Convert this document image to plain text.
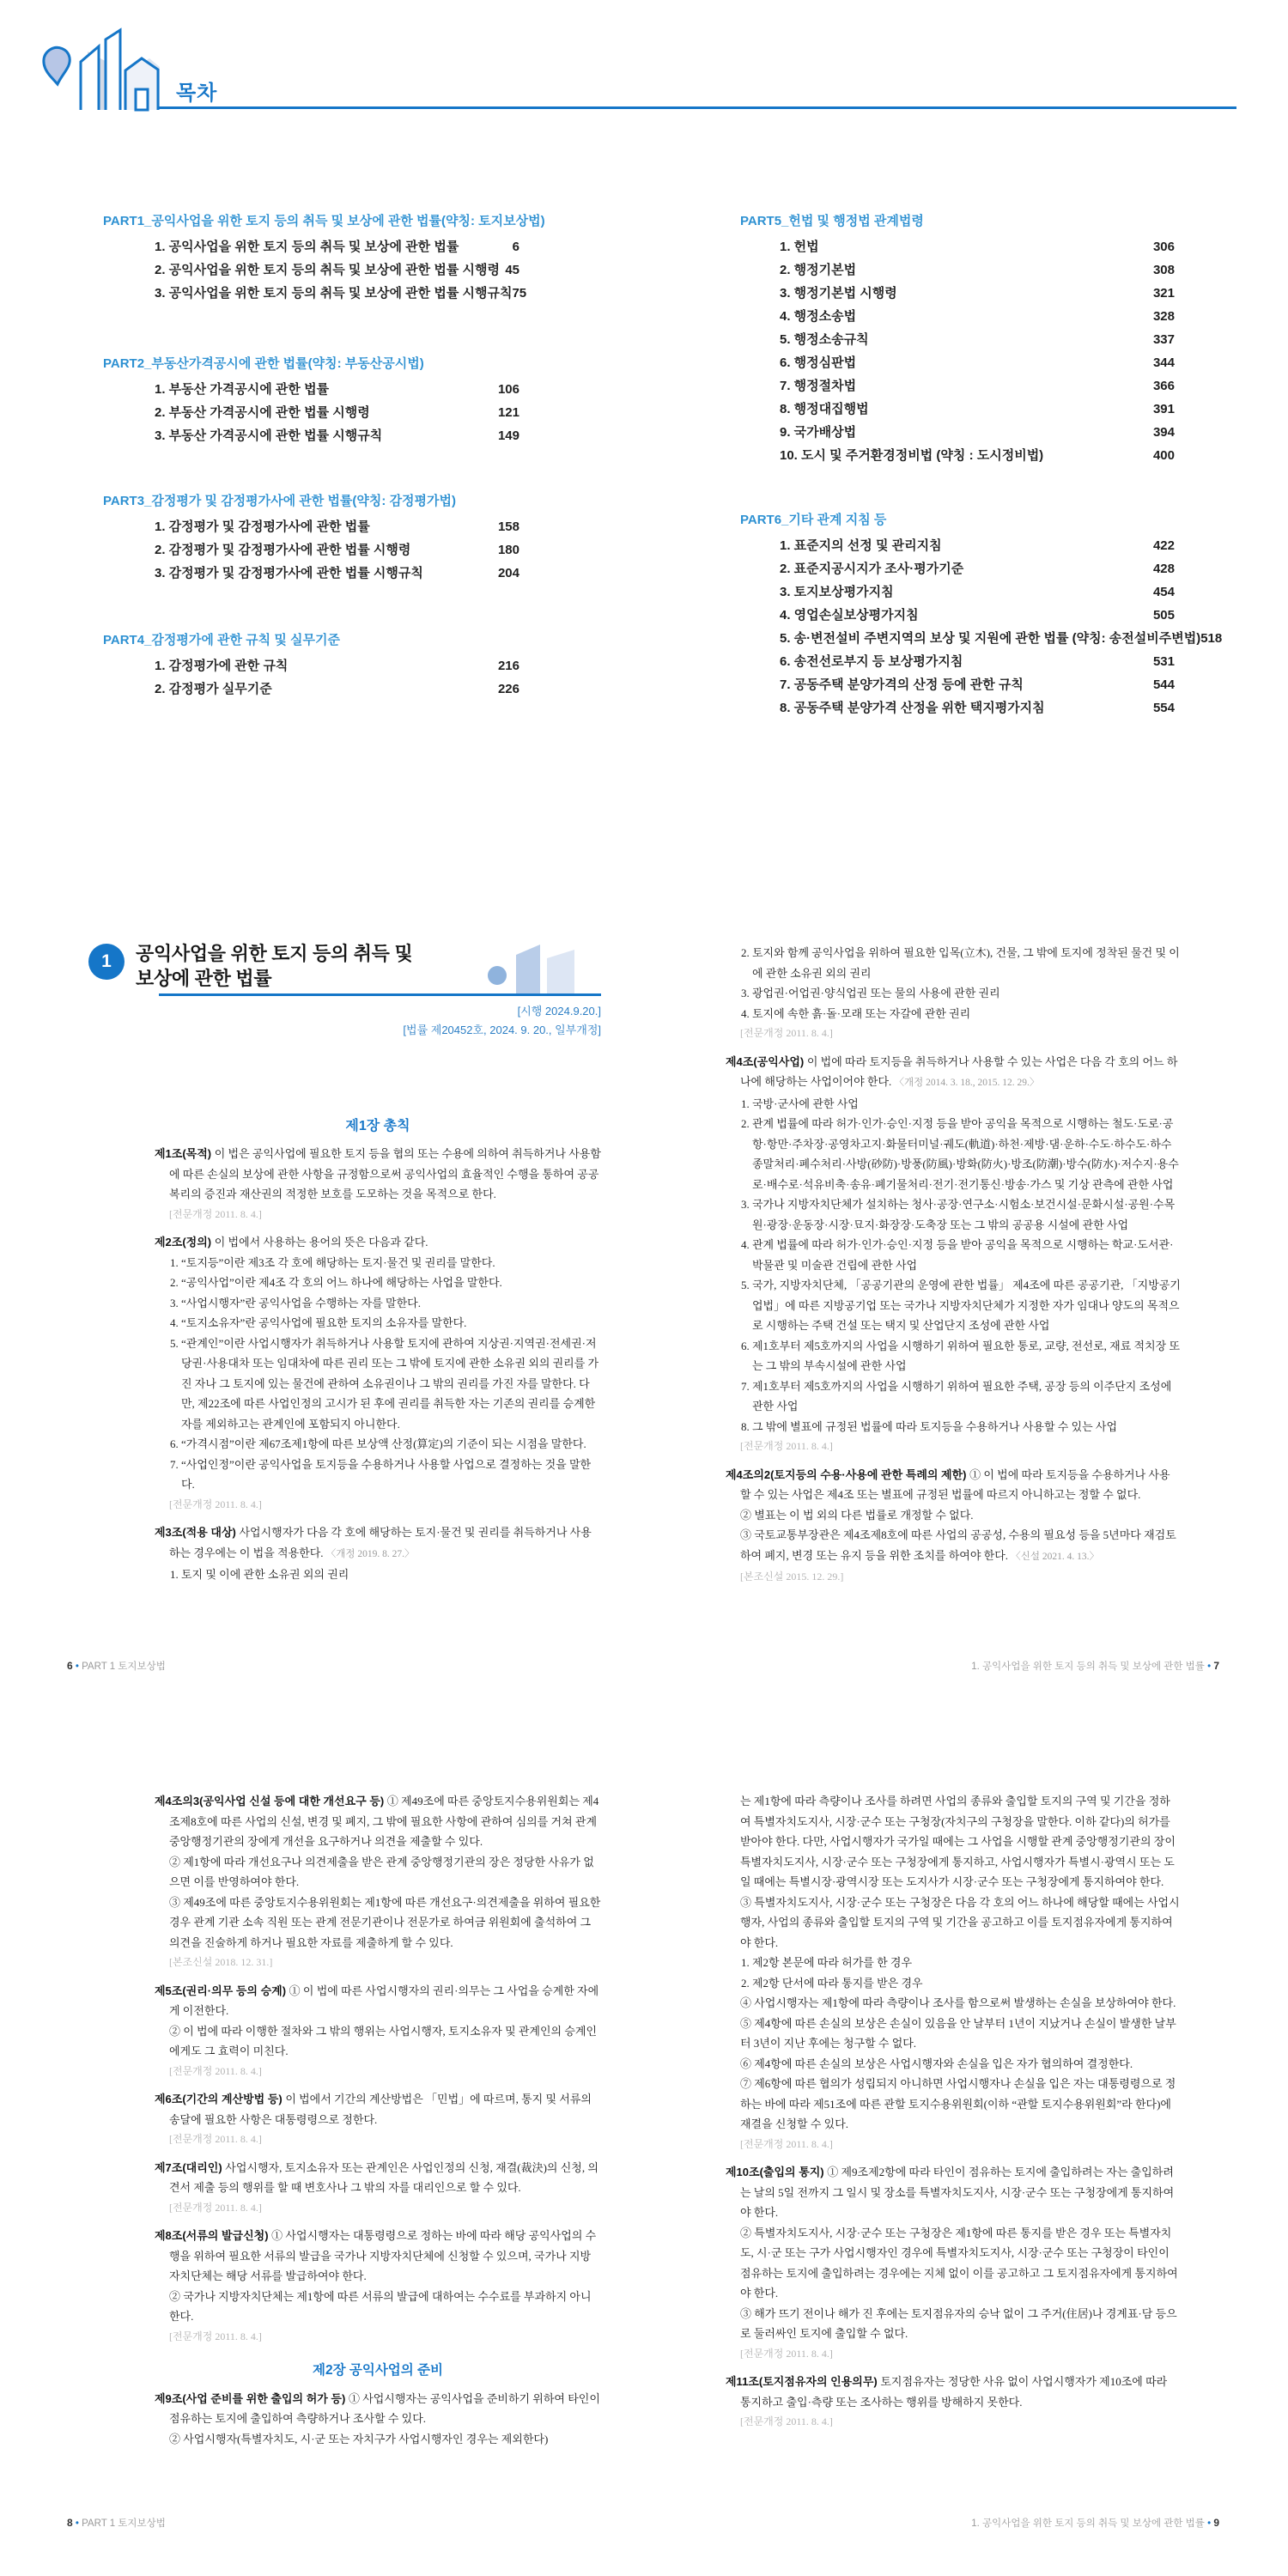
목차
PART1_공익사업을 위한 토지 등의 취득 및 보상에 관한 법률(약칭: 토지보상법)
1. 공익사업을 위한 토지 등의 취득 및 보상에 관한 법률	6
2. 공익사업을 위한 토지 등의 취득 및 보상에 관한 법률 시행령 45
3. 공익사업을 위한 토지 등의 취득 및 보상에 관한 법률 시행규칙 75
PART2_부동산가격공시에 관한 법률(약칭: 부동산공시법)
1. 부동산 가격공시에 관한 법률	106
2. 부동산 가격공시에 관한 법률 시행령	121
3. 부동산 가격공시에 관한 법률 시행규칙	149
PART3_감정평가 및 감정평가사에 관한 법률(약칭: 감정평가법)
1. 감정평가 및 감정평가사에 관한 법률	158
2. 감정평가 및 감정평가사에 관한 법률 시행령	180
3. 감정평가 및 감정평가사에 관한 법률 시행규칙	204
PART4_감정평가에 관한 규칙 및 실무기준
1. 감정평가에 관한 규칙	216
2. 감정평가 실무기준	226
PART5_헌법 및 행정법 관계법령
1. 헌법	306
2. 행정기본법	308
3. 행정기본법 시행령	321
4. 행정소송법	328
5. 행정소송규칙	337
6. 행정심판법	344
7. 행정절차법	366
8. 행정대집행법	391
9. 국가배상법	394
10. 도시 및 주거환경정비법 (약칭 : 도시정비법)	400
PART6_기타 관계 지침 등
1. 표준지의 선정 및 관리지침	422
2. 표준지공시지가 조사·평가기준	428
3. 토지보상평가지침	454
4. 영업손실보상평가지침	505
5. 송·변전설비 주변지역의 보상 및 지원에 관한 법률 (약칭: 송전설비주변법) 518
6. 송전선로부지 등 보상평가지침	531
7. 공동주택 분양가격의 산정 등에 관한 규칙	544
8. 공동주택 분양가격 산정을 위한 택지평가지침	554
1	공익사업을 위한 토지 등의 취득 및
보상에 관한 법률
[시행 2024.9.20.]
[법률 제20452호, 2024. 9. 20., 일부개정]
제1장 총칙

제1조(목적) 이 법은 공익사업에 필요한 토지 등을 협의 또는 수용에 의하여 취득하거나 사용함에 따른 손실의 보상에 관한 사항을 규정함으로써 공익사업의 효율적인 수행을 통하여 공공복리의 증진과 재산권의 적정한 보호를 도모하는 것을 목적으로 한다.

[전문개정 2011. 8. 4.]

제2조(정의) 이 법에서 사용하는 용어의 뜻은 다음과 같다.

1. “토지등”이란 제3조 각 호에 해당하는 토지·물건 및 권리를 말한다.

2. “공익사업”이란 제4조 각 호의 어느 하나에 해당하는 사업을 말한다.

3. “사업시행자”란 공익사업을 수행하는 자를 말한다.

4. “토지소유자”란 공익사업에 필요한 토지의 소유자를 말한다.

5. “관계인”이란 사업시행자가 취득하거나 사용할 토지에 관하여 지상권·지역권·전세권·저당권·사용대차 또는 임대차에 따른 권리 또는 그 밖에 토지에 관한 소유권 외의 권리를 가진 자나 그 토지에 있는 물건에 관하여 소유권이나 그 밖의 권리를 가진 자를 말한다. 다만, 제22조에 따른 사업인정의 고시가 된 후에 권리를 취득한 자는 기존의 권리를 승계한 자를 제외하고는 관계인에 포함되지 아니한다.

6. “가격시점”이란 제67조제1항에 따른 보상액 산정(算定)의 기준이 되는 시점을 말한다.

7. “사업인정”이란 공익사업을 토지등을 수용하거나 사용할 사업으로 결정하는 것을 말한다.

[전문개정 2011. 8. 4.]

제3조(적용 대상) 사업시행자가 다음 각 호에 해당하는 토지·물건 및 권리를 취득하거나 사용하는 경우에는 이 법을 적용한다. 〈개정 2019. 8. 27.〉

1. 토지 및 이에 관한 소유권 외의 권리

6 • PART 1 토지보상법

2. 토지와 함께 공익사업을 위하여 필요한 입목(立木), 건물, 그 밖에 토지에 정착된 물건 및 이에 관한 소유권 외의 권리

3. 광업권·어업권·양식업권 또는 물의 사용에 관한 권리

4. 토지에 속한 흙·돌·모래 또는 자갈에 관한 권리

[전문개정 2011. 8. 4.]

제4조(공익사업) 이 법에 따라 토지등을 취득하거나 사용할 수 있는 사업은 다음 각 호의 어느 하나에 해당하는 사업이어야 한다. 〈개정 2014. 3. 18., 2015. 12. 29.〉

1. 국방·군사에 관한 사업

2. 관계 법률에 따라 허가·인가·승인·지정 등을 받아 공익을 목적으로 시행하는 철도·도로·공항·항만·주차장·공영차고지·화물터미널·궤도(軌道)·하천·제방·댐·운하·수도·하수도·하수종말처리·폐수처리·사방(砂防)·방풍(防風)·방화(防火)·방조(防潮)·방수(防水)·저수지·용수로·배수로·석유비축·송유·폐기물처리·전기·전기통신·방송·가스 및 기상 관측에 관한 사업

3. 국가나 지방자치단체가 설치하는 청사·공장·연구소·시험소·보건시설·문화시설·공원·수목원·광장·운동장·시장·묘지·화장장·도축장 또는 그 밖의 공공용 시설에 관한 사업

4. 관계 법률에 따라 허가·인가·승인·지정 등을 받아 공익을 목적으로 시행하는 학교·도서관·박물관 및 미술관 건립에 관한 사업

5. 국가, 지방자치단체, 「공공기관의 운영에 관한 법률」 제4조에 따른 공공기관, 「지방공기업법」에 따른 지방공기업 또는 국가나 지방자치단체가 지정한 자가 임대나 양도의 목적으로 시행하는 주택 건설 또는 택지 및 산업단지 조성에 관한 사업

6. 제1호부터 제5호까지의 사업을 시행하기 위하여 필요한 통로, 교량, 전선로, 재료 적치장 또는 그 밖의 부속시설에 관한 사업

7. 제1호부터 제5호까지의 사업을 시행하기 위하여 필요한 주택, 공장 등의 이주단지 조성에 관한 사업

8. 그 밖에 별표에 규정된 법률에 따라 토지등을 수용하거나 사용할 수 있는 사업

[전문개정 2011. 8. 4.]

제4조의2(토지등의 수용·사용에 관한 특례의 제한) ① 이 법에 따라 토지등을 수용하거나 사용할 수 있는 사업은 제4조 또는 별표에 규정된 법률에 따르지 아니하고는 정할 수 없다.

② 별표는 이 법 외의 다른 법률로 개정할 수 없다.

③ 국토교통부장관은 제4조제8호에 따른 사업의 공공성, 수용의 필요성 등을 5년마다 재검토하여 폐지, 변경 또는 유지 등을 위한 조치를 하여야 한다. 〈신설 2021. 4. 13.〉

[본조신설 2015. 12. 29.]

1. 공익사업을 위한 토지 등의 취득 및 보상에 관한 법률 • 7

제4조의3(공익사업 신설 등에 대한 개선요구 등) ① 제49조에 따른 중앙토지수용위원회는 제4조제8호에 따른 사업의 신설, 변경 및 폐지, 그 밖에 필요한 사항에 관하여 심의를 거쳐 관계 중앙행정기관의 장에게 개선을 요구하거나 의견을 제출할 수 있다.

② 제1항에 따라 개선요구나 의견제출을 받은 관계 중앙행정기관의 장은 정당한 사유가 없으면 이를 반영하여야 한다.

③ 제49조에 따른 중앙토지수용위원회는 제1항에 따른 개선요구·의견제출을 위하여 필요한 경우 관계 기관 소속 직원 또는 관계 전문기관이나 전문가로 하여금 위원회에 출석하여 그 의견을 진술하게 하거나 필요한 자료를 제출하게 할 수 있다.

[본조신설 2018. 12. 31.]

제5조(권리·의무 등의 승계) ① 이 법에 따른 사업시행자의 권리·의무는 그 사업을 승계한 자에게 이전한다.

② 이 법에 따라 이행한 절차와 그 밖의 행위는 사업시행자, 토지소유자 및 관계인의 승계인에게도 그 효력이 미친다.

[전문개정 2011. 8. 4.]

제6조(기간의 계산방법 등) 이 법에서 기간의 계산방법은 「민법」에 따르며, 통지 및 서류의 송달에 필요한 사항은 대통령령으로 정한다.

[전문개정 2011. 8. 4.]

제7조(대리인) 사업시행자, 토지소유자 또는 관계인은 사업인정의 신청, 재결(裁決)의 신청, 의견서 제출 등의 행위를 할 때 변호사나 그 밖의 자를 대리인으로 할 수 있다.

[전문개정 2011. 8. 4.]

제8조(서류의 발급신청) ① 사업시행자는 대통령령으로 정하는 바에 따라 해당 공익사업의 수행을 위하여 필요한 서류의 발급을 국가나 지방자치단체에 신청할 수 있으며, 국가나 지방자치단체는 해당 서류를 발급하여야 한다.

② 국가나 지방자치단체는 제1항에 따른 서류의 발급에 대하여는 수수료를 부과하지 아니한다.

[전문개정 2011. 8. 4.]

제2장 공익사업의 준비

제9조(사업 준비를 위한 출입의 허가 등) ① 사업시행자는 공익사업을 준비하기 위하여 타인이 점유하는 토지에 출입하여 측량하거나 조사할 수 있다.

② 사업시행자(특별자치도, 시·군 또는 자치구가 사업시행자인 경우는 제외한다)

8 • PART 1 토지보상법

는 제1항에 따라 측량이나 조사를 하려면 사업의 종류와 출입할 토지의 구역 및 기간을 정하여 특별자치도지사, 시장·군수 또는 구청장(자치구의 구청장을 말한다. 이하 같다)의 허가를 받아야 한다. 다만, 사업시행자가 국가일 때에는 그 사업을 시행할 관계 중앙행정기관의 장이 특별자치도지사, 시장·군수 또는 구청장에게 통지하고, 사업시행자가 특별시·광역시 또는 도일 때에는 특별시장·광역시장 또는 도지사가 시장·군수 또는 구청장에게 통지하여야 한다.

③ 특별자치도지사, 시장·군수 또는 구청장은 다음 각 호의 어느 하나에 해당할 때에는 사업시행자, 사업의 종류와 출입할 토지의 구역 및 기간을 공고하고 이를 토지점유자에게 통지하여야 한다.

1. 제2항 본문에 따라 허가를 한 경우

2. 제2항 단서에 따라 통지를 받은 경우

④ 사업시행자는 제1항에 따라 측량이나 조사를 함으로써 발생하는 손실을 보상하여야 한다.

⑤ 제4항에 따른 손실의 보상은 손실이 있음을 안 날부터 1년이 지났거나 손실이 발생한 날부터 3년이 지난 후에는 청구할 수 없다.

⑥ 제4항에 따른 손실의 보상은 사업시행자와 손실을 입은 자가 협의하여 결정한다.

⑦ 제6항에 따른 협의가 성립되지 아니하면 사업시행자나 손실을 입은 자는 대통령령으로 정하는 바에 따라 제51조에 따른 관할 토지수용위원회(이하 “관할 토지수용위원회”라 한다)에 재결을 신청할 수 있다.

[전문개정 2011. 8. 4.]

제10조(출입의 통지) ① 제9조제2항에 따라 타인이 점유하는 토지에 출입하려는 자는 출입하려는 날의 5일 전까지 그 일시 및 장소를 특별자치도지사, 시장·군수 또는 구청장에게 통지하여야 한다.

② 특별자치도지사, 시장·군수 또는 구청장은 제1항에 따른 통지를 받은 경우 또는 특별자치도, 시·군 또는 구가 사업시행자인 경우에 특별자치도지사, 시장·군수 또는 구청장이 타인이 점유하는 토지에 출입하려는 경우에는 지체 없이 이를 공고하고 그 토지점유자에게 통지하여야 한다.

③ 해가 뜨기 전이나 해가 진 후에는 토지점유자의 승낙 없이 그 주거(住居)나 경계표·담 등으로 둘러싸인 토지에 출입할 수 없다.

[전문개정 2011. 8. 4.]

제11조(토지점유자의 인용의무) 토지점유자는 정당한 사유 없이 사업시행자가 제10조에 따라 통지하고 출입·측량 또는 조사하는 행위를 방해하지 못한다.

[전문개정 2011. 8. 4.]

1. 공익사업을 위한 토지 등의 취득 및 보상에 관한 법률 • 9
